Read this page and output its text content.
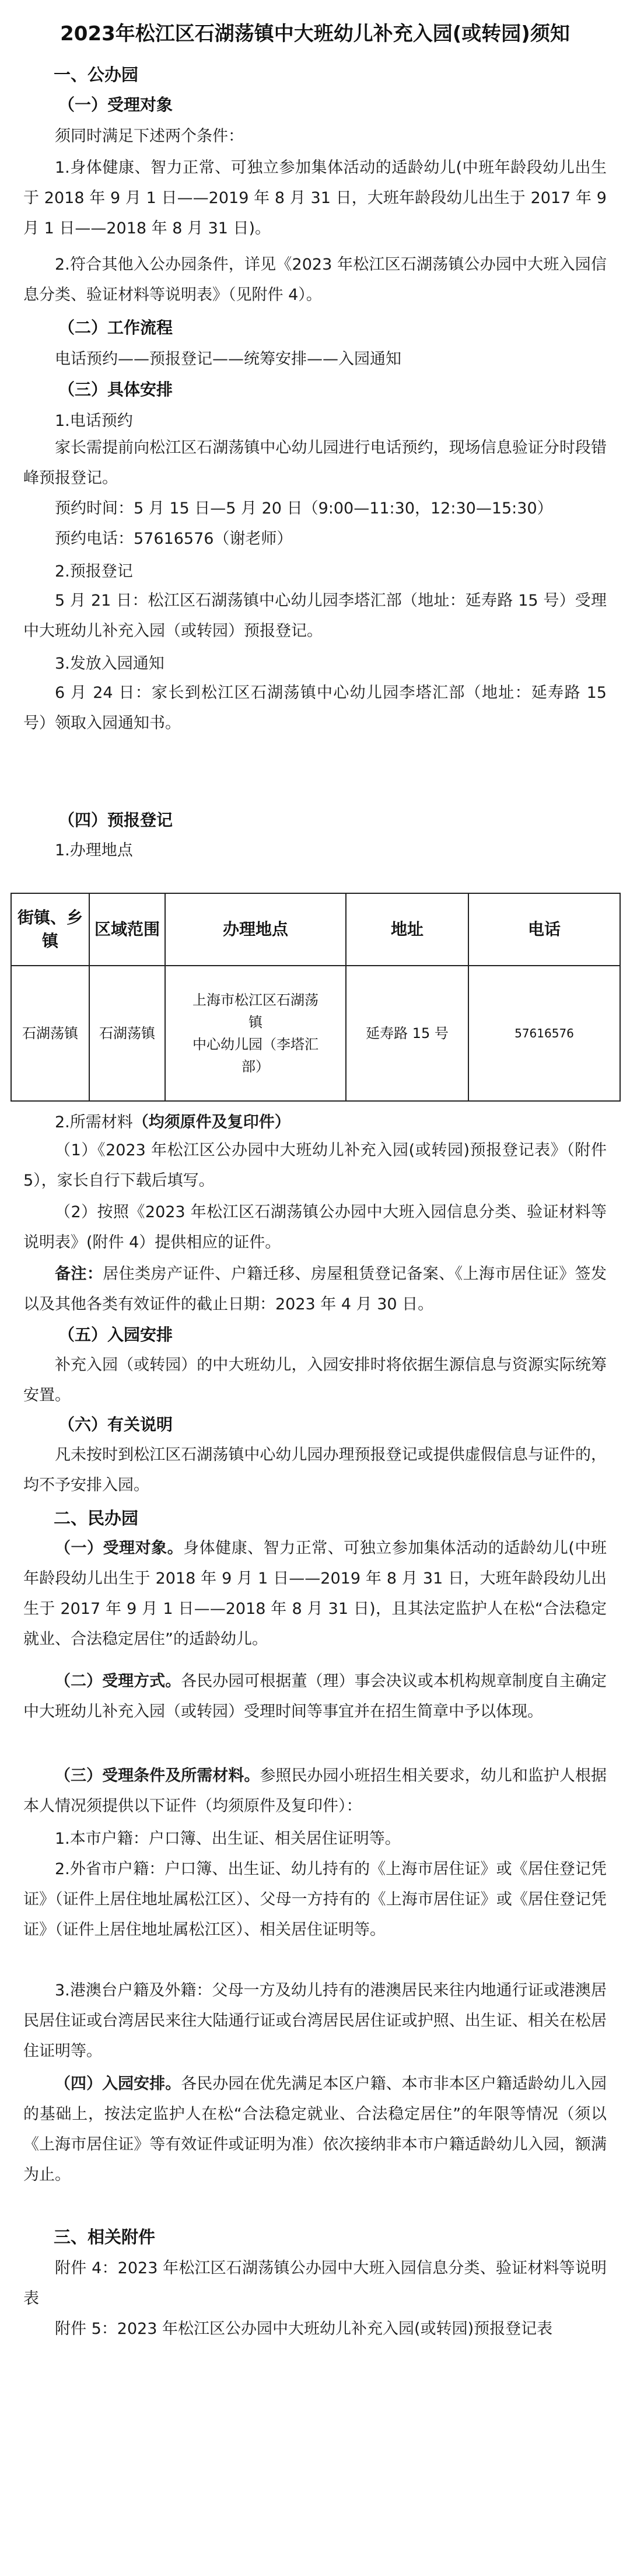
2023年松江区石湖荡镇中大班幼儿补充入园(或转园)须知
一、公办园
（一）受理对象
须同时满足下述两个条件：
1.身体健康、智力正常、可独立参加集体活动的适龄幼儿(中班年龄段幼儿出生于 2018 年 9 月 1 日——2019 年 8 月 31 日，大班年龄段幼儿出生于 2017 年 9 月 1 日——2018 年 8 月 31 日)。
2.符合其他入公办园条件，详见《2023 年松江区石湖荡镇公办园中大班入园信息分类、验证材料等说明表》（见附件 4）。
（二）工作流程
电话预约——预报登记——统筹安排——入园通知
（三）具体安排
1.电话预约
家长需提前向松江区石湖荡镇中心幼儿园进行电话预约，现场信息验证分时段错峰预报登记。
预约时间：5 月 15 日—5 月 20 日（9:00—11:30，12:30—15:30）
预约电话：57616576（谢老师）
2.预报登记
5 月 21 日：松江区石湖荡镇中心幼儿园李塔汇部（地址：延寿路 15 号）受理中大班幼儿补充入园（或转园）预报登记。
3.发放入园通知
6 月 24 日：家长到松江区石湖荡镇中心幼儿园李塔汇部（地址：延寿路 15 号）领取入园通知书。
（四）预报登记
1.办理地点
街镇、乡镇	区域范围	办理地点	地址	电话
石湖荡镇	石湖荡镇	上海市松江区石湖荡
镇
中心幼儿园（李塔汇
部）	延寿路 15 号	57616576
2.所需材料（均须原件及复印件）
（1）《2023 年松江区公办园中大班幼儿补充入园(或转园)预报登记表》（附件 5），家长自行下载后填写。
（2）按照《2023 年松江区石湖荡镇公办园中大班入园信息分类、验证材料等说明表》(附件 4）提供相应的证件。
备注：居住类房产证件、户籍迁移、房屋租赁登记备案、《上海市居住证》签发以及其他各类有效证件的截止日期：2023 年 4 月 30 日。
（五）入园安排
补充入园（或转园）的中大班幼儿，入园安排时将依据生源信息与资源实际统筹安置。
（六）有关说明
凡未按时到松江区石湖荡镇中心幼儿园办理预报登记或提供虚假信息与证件的，均不予安排入园。
二、民办园
（一）受理对象。身体健康、智力正常、可独立参加集体活动的适龄幼儿(中班年龄段幼儿出生于 2018 年 9 月 1 日——2019 年 8 月 31 日，大班年龄段幼儿出生于 2017 年 9 月 1 日——2018 年 8 月 31 日)，且其法定监护人在松“合法稳定就业、合法稳定居住”的适龄幼儿。
（二）受理方式。各民办园可根据董（理）事会决议或本机构规章制度自主确定中大班幼儿补充入园（或转园）受理时间等事宜并在招生简章中予以体现。
（三）受理条件及所需材料。参照民办园小班招生相关要求，幼儿和监护人根据本人情况须提供以下证件（均须原件及复印件）：
1.本市户籍：户口簿、出生证、相关居住证明等。
2.外省市户籍：户口簿、出生证、幼儿持有的《上海市居住证》或《居住登记凭证》（证件上居住地址属松江区）、父母一方持有的《上海市居住证》或《居住登记凭证》（证件上居住地址属松江区）、相关居住证明等。
3.港澳台户籍及外籍：父母一方及幼儿持有的港澳居民来往内地通行证或港澳居民居住证或台湾居民来往大陆通行证或台湾居民居住证或护照、出生证、相关在松居住证明等。
（四）入园安排。各民办园在优先满足本区户籍、本市非本区户籍适龄幼儿入园的基础上，按法定监护人在松“合法稳定就业、合法稳定居住”的年限等情况（须以《上海市居住证》等有效证件或证明为准）依次接纳非本市户籍适龄幼儿入园，额满为止。
三、相关附件
附件 4：2023 年松江区石湖荡镇公办园中大班入园信息分类、验证材料等说明表
附件 5：2023 年松江区公办园中大班幼儿补充入园(或转园)预报登记表
